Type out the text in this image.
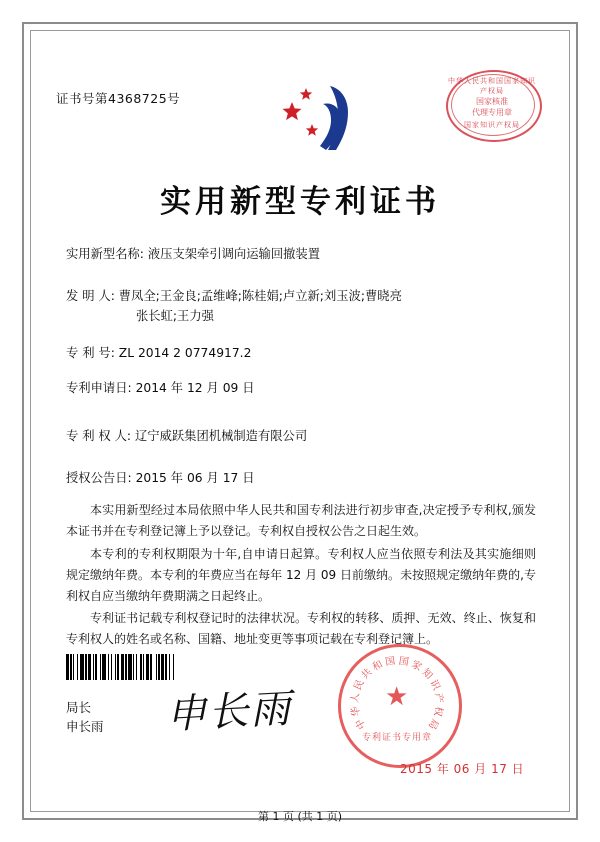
证书号第4368725号
中华人民共和国国家知识产权局
国家核准
代理专用章
国家知识产权局
实用新型专利证书
实用新型名称: 液压支架牵引调向运输回撤装置
发 明 人: 曹凤全;王金良;孟维峰;陈桂娟;卢立新;刘玉波;曹晓亮
张长虹;王力强
专 利 号: ZL 2014 2 0774917.2
专利申请日: 2014 年 12 月 09 日
专 利 权 人: 辽宁威跃集团机械制造有限公司
授权公告日: 2015 年 06 月 17 日
本实用新型经过本局依照中华人民共和国专利法进行初步审查,决定授予专利权,颁发本证书并在专利登记簿上予以登记。专利权自授权公告之日起生效。
本专利的专利权期限为十年,自申请日起算。专利权人应当依照专利法及其实施细则规定缴纳年费。本专利的年费应当在每年 12 月 09 日前缴纳。未按照规定缴纳年费的,专利权自应当缴纳年费期满之日起终止。
专利证书记载专利权登记时的法律状况。专利权的转移、质押、无效、终止、恢复和专利权人的姓名或名称、国籍、地址变更等事项记载在专利登记簿上。
局长
申长雨 申长雨	中
华
人
民
共
和 国 国 家
知
识
产
权
局
★
专利证书专用章
2015 年 06 月 17 日
第 1 页 (共 1 页)
